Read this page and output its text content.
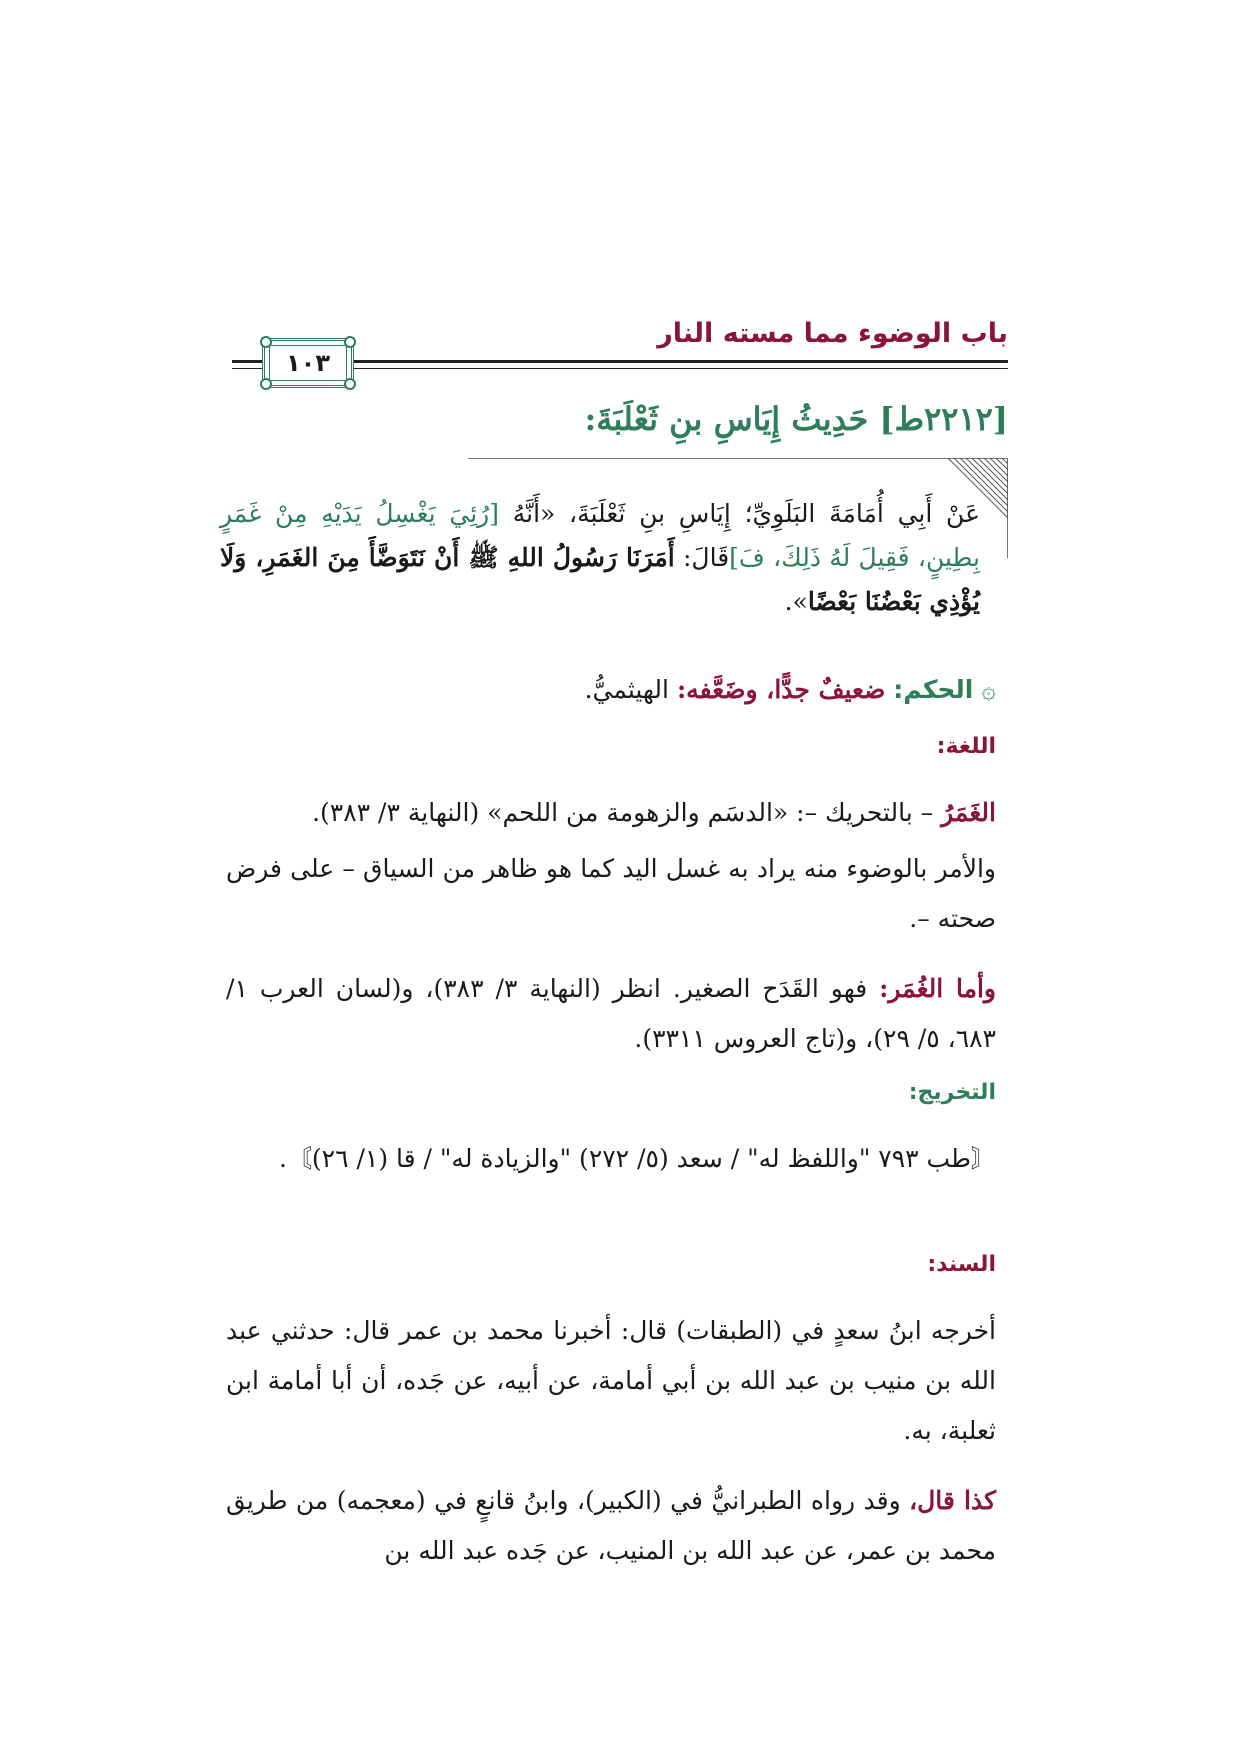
باب الوضوء مما مسته النار
١٠٣
[٢٢١٢ط] حَدِيثُ إِيَاسِ بنِ ثَعْلَبَةَ:
عَنْ أَبِي أُمَامَةَ البَلَوِيِّ؛ إِيَاسِ بنِ ثَعْلَبَةَ، «أَنَّهُ [رُئِيَ يَغْسِلُ يَدَيْهِ مِنْ غَمَرٍ بِطِينٍ، فَقِيلَ لَهُ ذَلِكَ، فَ]قَالَ: أَمَرَنَا رَسُولُ اللهِ ﷺ أَنْ نَتَوَضَّأَ مِنَ الغَمَرِ، وَلَا يُؤْذِي بَعْضُنَا بَعْضًا».
۞ الحكم: ضعيفٌ جدًّا، وضَعَّفه: الهيثميُّ.
اللغة:
الغَمَرُ – بالتحريك –: «الدسَم والزهومة من اللحم» (النهاية ٣/ ٣٨٣).
والأمر بالوضوء منه يراد به غسل اليد كما هو ظاهر من السياق – على فرض صحته –.
وأما الغُمَر: فهو القَدَح الصغير. انظر (النهاية ٣/ ٣٨٣)، و(لسان العرب ١/ ٦٨٣، ٥/ ٢٩)، و(تاج العروس ٣٣١١).
التخريج:
〘طب ٧٩٣ "واللفظ له" / سعد (٥/ ٢٧٢) "والزيادة له" / قا (١/ ٢٦)〙.
السند:
أخرجه ابنُ سعدٍ في (الطبقات) قال: أخبرنا محمد بن عمر قال: حدثني عبد الله بن منيب بن عبد الله بن أبي أمامة، عن أبيه، عن جَده، أن أبا أمامة ابن ثعلبة، به.
كذا قال، وقد رواه الطبرانيُّ في (الكبير)، وابنُ قانعٍ في (معجمه) من طريق محمد بن عمر، عن عبد الله بن المنيب، عن جَده عبد الله بن
